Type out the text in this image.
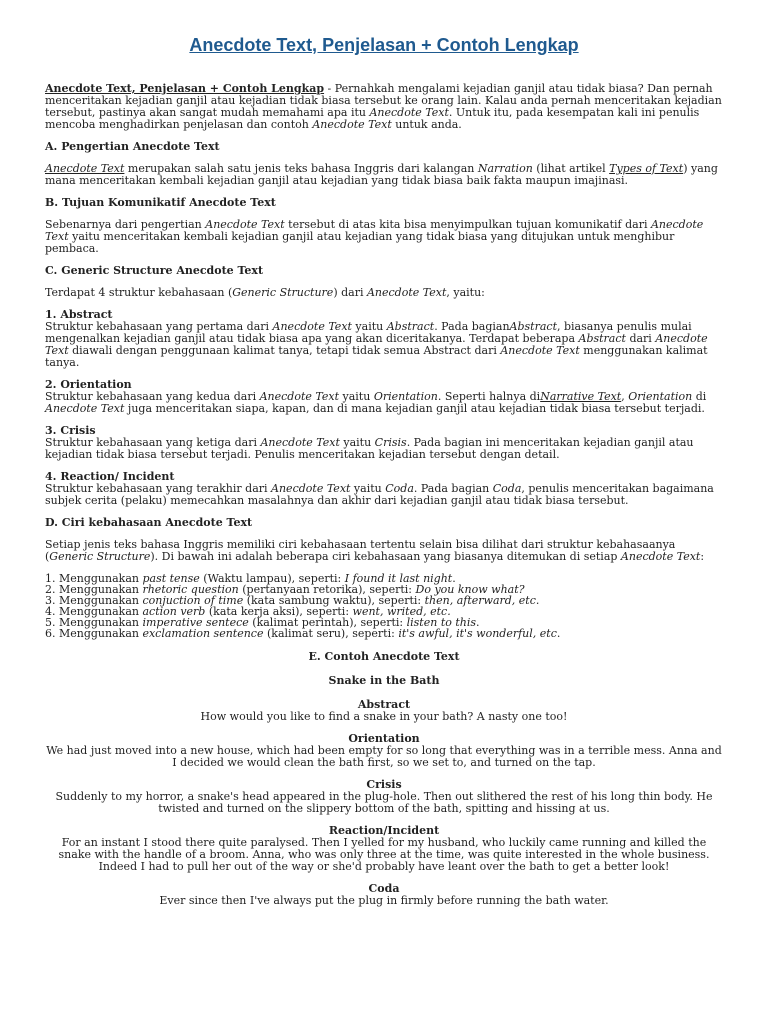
Anecdote Text, Penjelasan + Contoh Lengkap

Anecdote Text, Penjelasan + Contoh Lengkap - Pernahkah mengalami kejadian ganjil atau tidak biasa? Dan pernah menceritakan kejadian ganjil atau kejadian tidak biasa tersebut ke orang lain. Kalau anda pernah menceritakan kejadian tersebut, pastinya akan sangat mudah memahami apa itu Anecdote Text. Untuk itu, pada kesempatan kali ini penulis mencoba menghadirkan penjelasan dan contoh Anecdote Text untuk anda.

A. Pengertian Anecdote Text

Anecdote Text merupakan salah satu jenis teks bahasa Inggris dari kalangan Narration (lihat artikel Types of Text) yang mana menceritakan kembali kejadian ganjil atau kejadian yang tidak biasa baik fakta maupun imajinasi.

B. Tujuan Komunikatif Anecdote Text

Sebenarnya dari pengertian Anecdote Text tersebut di atas kita bisa menyimpulkan tujuan komunikatif dari Anecdote Text yaitu menceritakan kembali kejadian ganjil atau kejadian yang tidak biasa yang ditujukan untuk menghibur pembaca.

C. Generic Structure Anecdote Text

Terdapat 4 struktur kebahasaan (Generic Structure) dari Anecdote Text, yaitu:

1. Abstract
Struktur kebahasaan yang pertama dari Anecdote Text yaitu Abstract. Pada bagianAbstract, biasanya penulis mulai mengenalkan kejadian ganjil atau tidak biasa apa yang akan diceritakanya. Terdapat beberapa Abstract dari Anecdote Text diawali dengan penggunaan kalimat tanya, tetapi tidak semua Abstract dari Anecdote Text menggunakan kalimat tanya.
2. Orientation
Struktur kebahasaan yang kedua dari Anecdote Text yaitu Orientation. Seperti halnya diNarrative Text, Orientation di Anecdote Text juga menceritakan siapa, kapan, dan di mana kejadian ganjil atau kejadian tidak biasa tersebut terjadi.
3. Crisis
Struktur kebahasaan yang ketiga dari Anecdote Text yaitu Crisis. Pada bagian ini menceritakan kejadian ganjil atau kejadian tidak biasa tersebut terjadi. Penulis menceritakan kejadian tersebut dengan detail.
4. Reaction/ Incident
Struktur kebahasaan yang terakhir dari Anecdote Text yaitu Coda. Pada bagian Coda, penulis menceritakan bagaimana subjek cerita (pelaku) memecahkan masalahnya dan akhir dari kejadian ganjil atau tidak biasa tersebut.
D. Ciri kebahasaan Anecdote Text

Setiap jenis teks bahasa Inggris memiliki ciri kebahasaan tertentu selain bisa dilihat dari struktur kebahasaanya (Generic Structure). Di bawah ini adalah beberapa ciri kebahasaan yang biasanya ditemukan di setiap Anecdote Text:

1. Menggunakan past tense (Waktu lampau), seperti: I found it last night.
2. Menggunakan rhetoric question (pertanyaan retorika), seperti: Do you know what?
3. Menggunakan conjuction of time (kata sambung waktu), seperti: then, afterward, etc.
4. Menggunakan action verb (kata kerja aksi), seperti: went, writed, etc.
5. Menggunakan imperative sentece (kalimat perintah), seperti: listen to this.
6. Menggunakan exclamation sentence (kalimat seru), seperti: it's awful, it's wonderful, etc.
E. Contoh Anecdote Text
Snake in the Bath
Abstract
How would you like to find a snake in your bath? A nasty one too!
Orientation
We had just moved into a new house, which had been empty for so long that everything was in a terrible mess. Anna and I decided we would clean the bath first, so we set to, and turned on the tap.
Crisis
Suddenly to my horror, a snake's head appeared in the plug-hole. Then out slithered the rest of his long thin body. He twisted and turned on the slippery bottom of the bath, spitting and hissing at us.
Reaction/Incident
For an instant I stood there quite paralysed. Then I yelled for my husband, who luckily came running and killed the snake with the handle of a broom. Anna, who was only three at the time, was quite interested in the whole business. Indeed I had to pull her out of the way or she'd probably have leant over the bath to get a better look!
Coda
Ever since then I've always put the plug in firmly before running the bath water.
